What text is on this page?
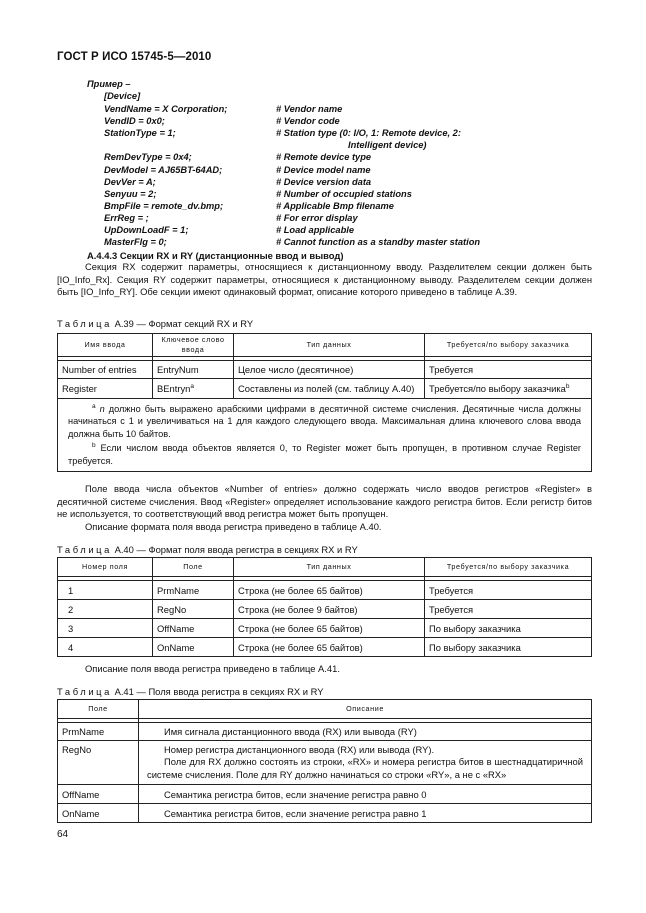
ГОСТ Р ИСО 15745-5—2010
Пример –
[Device]
VendName = X Corporation;	# Vendor name
VendID = 0x0;	# Vendor code
StationType = 1;	# Station type (0: I/O, 1: Remote device, 2:
Intelligent device)
RemDevType = 0x4;	# Remote device type
DevModel = AJ65BT-64AD;	# Device model name
DevVer = A;	# Device version data
Senyuu = 2;	# Number of occupied stations
BmpFile = remote_dv.bmp;	# Applicable Bmp filename
ErrReg = ;	# For error display
UpDownLoadF = 1;	# Load applicable
MasterFlg = 0;	# Cannot function as a standby master station
A.4.4.3 Секции RX и RY (дистанционные ввод и вывод)
Секция RX содержит параметры, относящиеся к дистанционному вводу. Разделителем секции должен быть [IO_Info_Rx]. Секция RY содержит параметры, относящиеся к дистанционному выводу. Разделителем секции должен быть [IO_Info_RY]. Обе секции имеют одинаковый формат, описание которого приведено в таблице A.39.
Таблица A.39 — Формат секций RX и RY
Имя ввода	Ключевое слово ввода	Тип данных	Требуется/по выбору заказчика

Number of entries	EntryNum	Целое число (десятичное)	Требуется
Register	BEntryn$^a$	Составлены из полей (см. таблицу A.40)	Требуется/по выбору заказчика$^b$

$^a$ n должно быть выражено арабскими цифрами в десятичной системе счисления. Десятичные числа должны начинаться с 1 и увеличиваться на 1 для каждого следующего ввода. Максимальная длина ключевого слова ввода должна быть 10 байтов.
$^b$ Если числом ввода объектов является 0, то Register может быть пропущен, в противном случае Register требуется.			
Поле ввода числа объектов «Number of entries» должно содержать число вводов регистров «Register» в десятичной системе счисления. Ввод «Register» определяет использование каждого регистра битов. Если регистр битов не используется, то соответствующий ввод регистра может быть пропущен.
Описание формата поля ввода регистра приведено в таблице A.40.
Таблица A.40 — Формат поля ввода регистра в секциях RX и RY
Номер поля	Поле	Тип данных	Требуется/по выбору заказчика

1	PrmName	Строка (не более 65 байтов)	Требуется
2	RegNo	Строка (не более 9 байтов)	Требуется
3	OffName	Строка (не более 65 байтов)	По выбору заказчика
4	OnName	Строка (не более 65 байтов)	По выбору заказчика
Описание поля ввода регистра приведено в таблице A.41.
Таблица A.41 — Поля ввода регистра в секциях RX и RY
Поле	Описание

PrmName	Имя сигнала дистанционного ввода (RX) или вывода (RY)

RegNo	Номер регистра дистанционного ввода (RX) или вывода (RY).
Поле для RX должно состоять из строки, «RX» и номера регистра битов в шестнадцатиричной системе счисления. Поле для RY должно начинаться со строки «RY», а не с «RX»

OffName	Семантика регистра битов, если значение регистра равно 0

OnName	Семантика регистра битов, если значение регистра равно 1
64
